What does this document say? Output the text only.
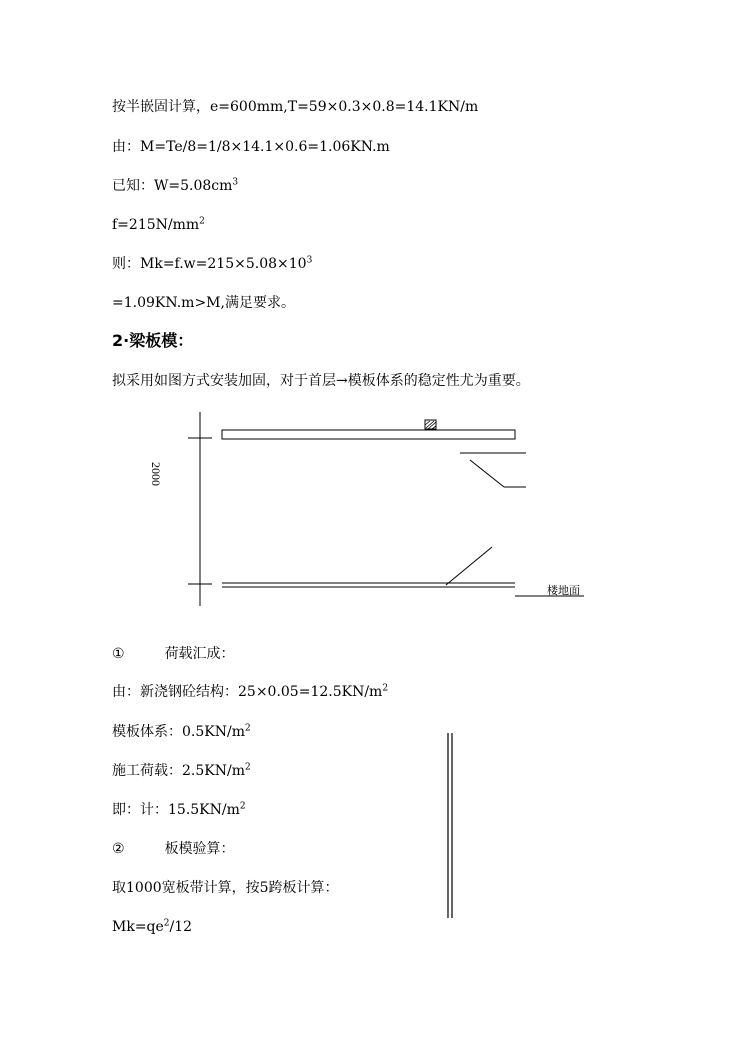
按半嵌固计算，e=600mm,T=59×0.3×0.8=14.1KN/m

由：M=Te/8=1/8×14.1×0.6=1.06KN.m

已知：$W=5.08cm^3$

$f=215N/mm^2$

则：$Mk=f.w=215\times 5.08\times 10^3$

=1.09KN.m>M,满足要求。

2·梁板模：

拟采用如图方式安装加固，对于首层→模板体系的稳定性尤为重要。

2000
楼地面

①	荷载汇成：

由：新浇钢砼结构：$25\times 0.05=12.5KN/m^2$

模板体系：$0.5KN/m^2$

施工荷载：$2.5KN/m^2$

即：计：$15.5KN/m^2$

②	板模验算：

取1000宽板带计算，按5跨板计算：

$Mk=qe^2/12$
